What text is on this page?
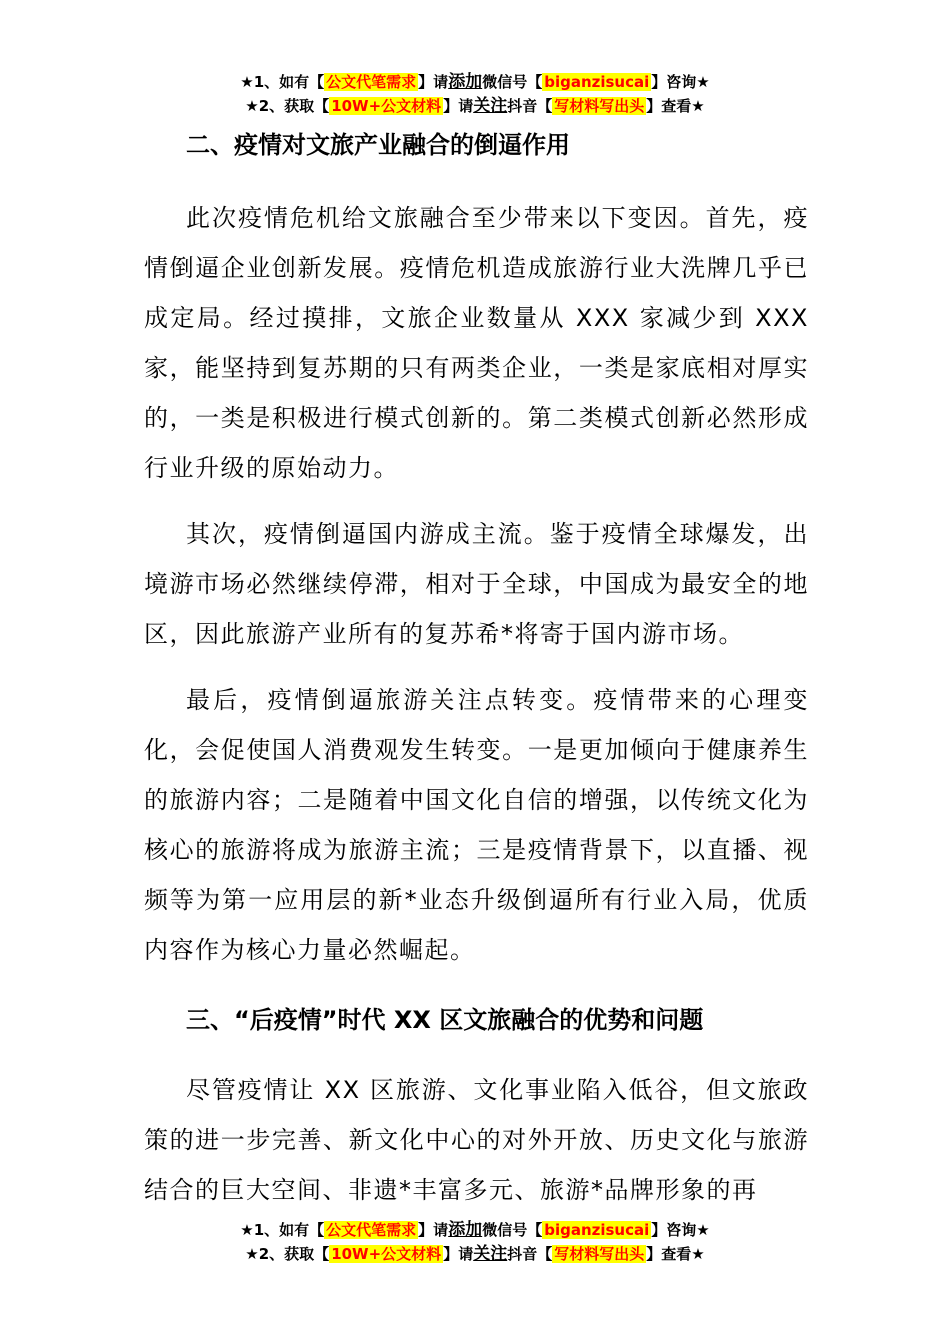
★1、如有【 公文代笔需求 】请添加微信号【 biganzisucai 】咨询★
★2、获取【 10W+公文材料 】请关注抖音【 写材料写出头 】查看★
二、疫情对文旅产业融合的倒逼作用

此次疫情危机给文旅融合至少带来以下变因。首先，疫情倒逼企业创新发展。疫情危机造成旅游行业大洗牌几乎已成定局。经过摸排，文旅企业数量从 XXX 家减少到 XXX 家，能坚持到复苏期的只有两类企业，一类是家底相对厚实的，一类是积极进行模式创新的。第二类模式创新必然形成行业升级的原始动力。

其次，疫情倒逼国内游成主流。鉴于疫情全球爆发，出境游市场必然继续停滞，相对于全球，中国成为最安全的地区，因此旅游产业所有的复苏希*将寄于国内游市场。

最后，疫情倒逼旅游关注点转变。疫情带来的心理变化，会促使国人消费观发生转变。一是更加倾向于健康养生的旅游内容；二是随着中国文化自信的增强，以传统文化为核心的旅游将成为旅游主流；三是疫情背景下，以直播、视频等为第一应用层的新*业态升级倒逼所有行业入局，优质内容作为核心力量必然崛起。

三、“后疫情”时代 XX 区文旅融合的优势和问题

尽管疫情让 XX 区旅游、文化事业陷入低谷，但文旅政策的进一步完善、新文化中心的对外开放、历史文化与旅游结合的巨大空间、非遗*丰富多元、旅游*品牌形象的再

★1、如有【 公文代笔需求 】请添加微信号【 biganzisucai 】咨询★
★2、获取【 10W+公文材料 】请关注抖音【 写材料写出头 】查看★
